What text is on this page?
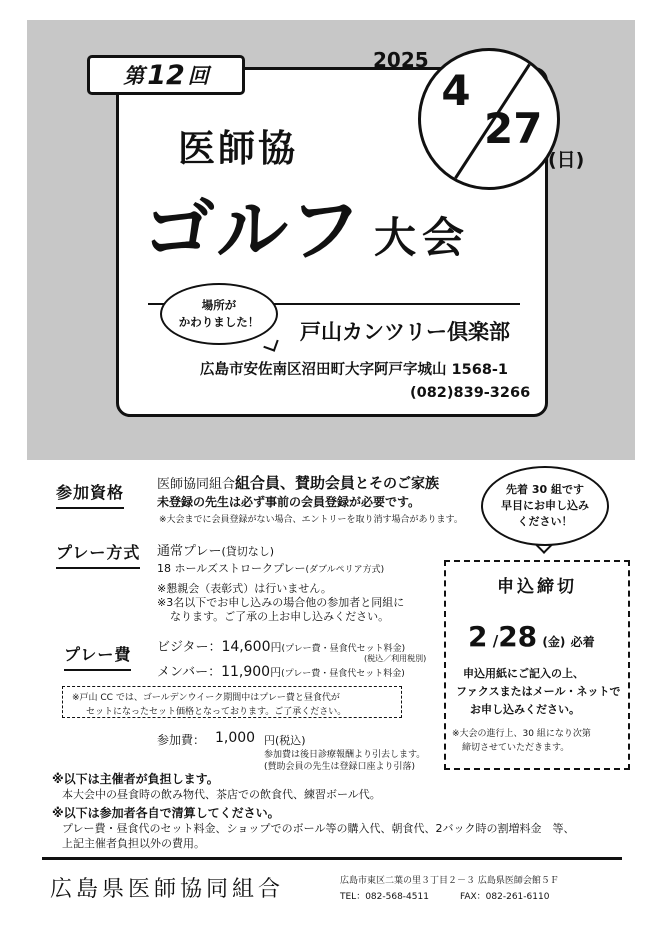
第 12 回
2025
4
27
(日)
医師協
ゴルフ 大会
場所が
かわりました！	戸山カンツリー倶楽部
広島市安佐南区沼田町大字阿戸字城山 1568-1
(082)839-3266
参加資格	医師協同組合組合員、賛助会員とそのご家族
未登録の先生は必ず事前の会員登録が必要です。
※大会までに会員登録がない場合、エントリーを取り消す場合があります。
プレー方式 通常プレー(貸切なし)
18 ホールズストロークプレー(ダブルペリア方式)
※懇親会（表彰式）は行いません。
※3名以下でお申し込みの場合他の参加者と同組に
なります。ご了承の上お申し込みください。
プレー費 ビジター：14,600円(プレー費・昼食代セット料金)
(税込／利用税別)
メンバー：11,900円(プレー費・昼食代セット料金)
※戸山 CC では、ゴールデンウイーク期間中はプレー費と昼食代が
セットになったセット価格となっております。ご了承ください。
参加費： 1,000 円(税込)
参加費は後日診療報酬より引去します。
(賛助会員の先生は登録口座より引落)
先着 30 組です
早目にお申し込み
ください！
申込締切
2 /28 (金) 必着
申込用紙にご記入の上、
ファクスまたはメール・ネットで
お申し込みください。
※大会の進行上、30 組になり次第
締切させていただきます。
※以下は主催者が負担します。
本大会中の昼食時の飲み物代、茶店での飲食代、練習ボール代。
※以下は参加者各自で清算してください。
プレー費・昼食代のセット料金、ショップでのボール等の購入代、朝食代、2バック時の割増料金　等、
上記主催者負担以外の費用。
広島県医師協同組合	広島市東区二葉の里３丁目２－３ 広島県医師会館５Ｆ
TEL：082-568-4511	FAX：082-261-6110
